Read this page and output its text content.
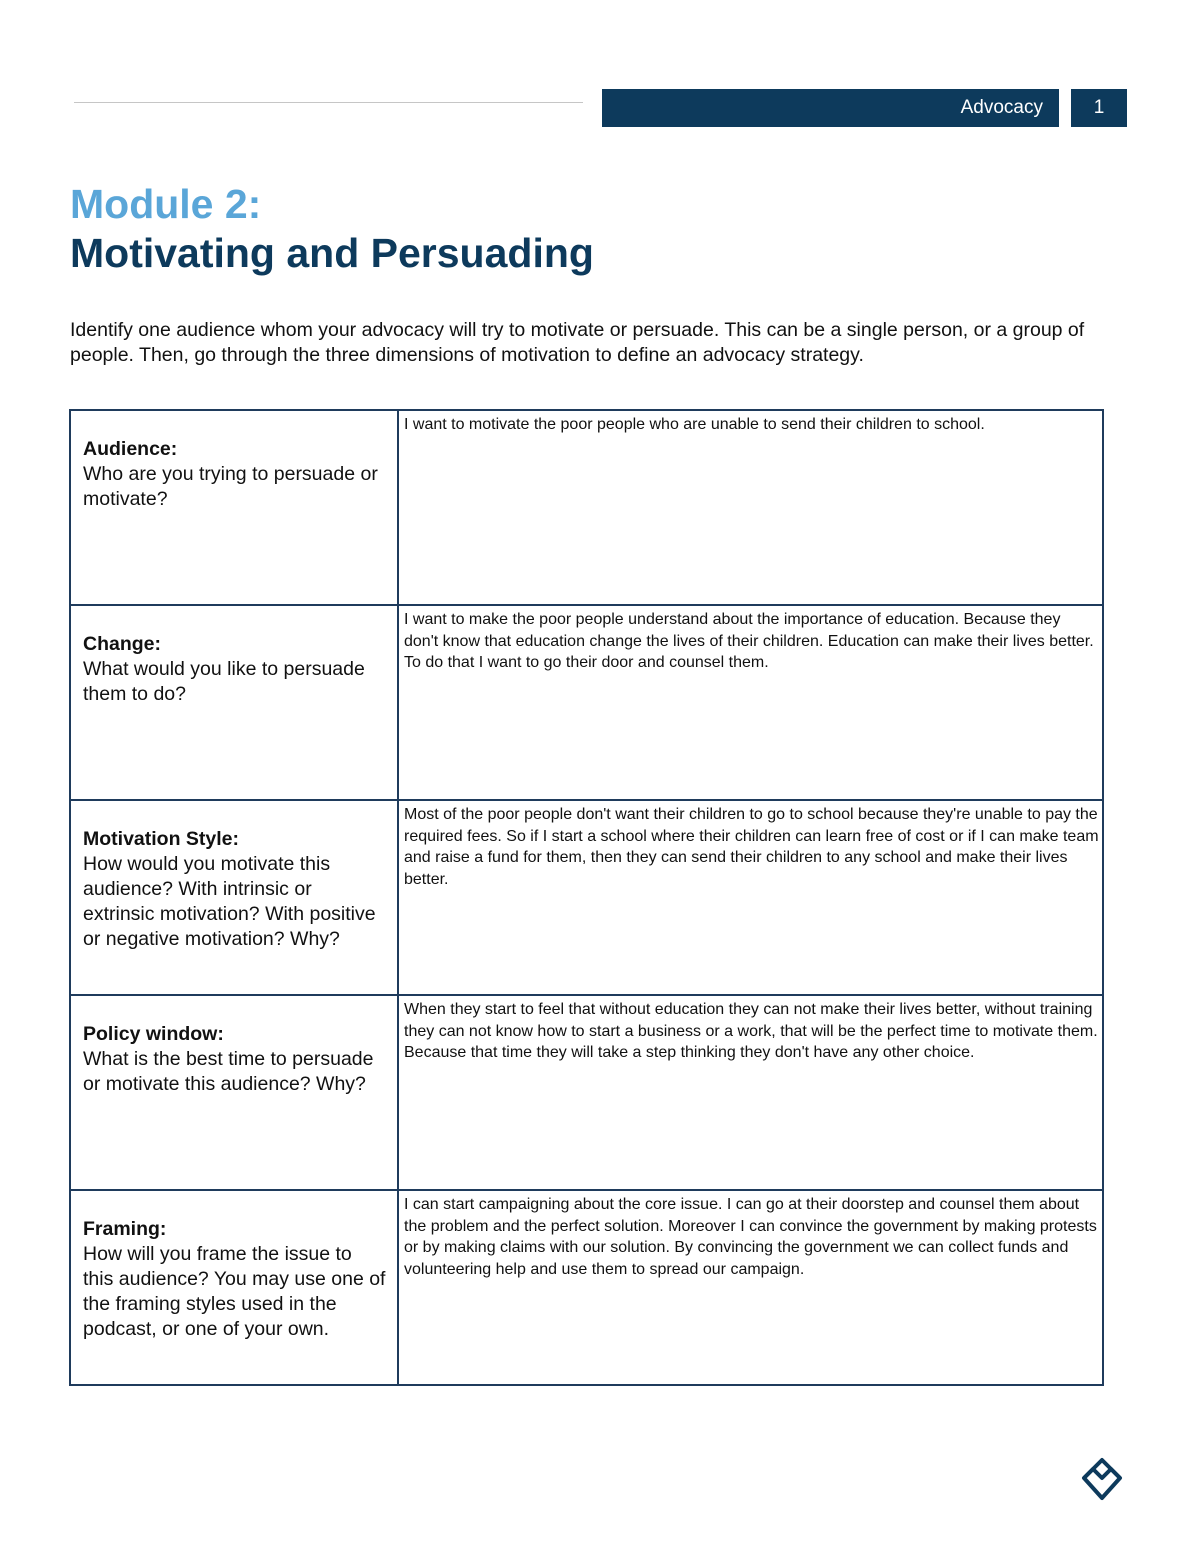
Advocacy	1
Module 2:
Motivating and Persuading
Identify one audience whom your advocacy will try to motivate or persuade. This can be a single person, or a group of people. Then, go through the three dimensions of motivation to define an advocacy strategy.
Audience:
Who are you trying to persuade or motivate?	I want to motivate the poor people who are unable to send their children to school.

Change:
What would you like to persuade them to do?	I want to make the poor people understand about the importance of education. Because they don't know that education change the lives of their children. Education can make their lives better. To do that I want to go their door and counsel them.

Motivation Style:
How would you motivate this audience? With intrinsic or extrinsic motivation? With positive or negative motivation? Why?	Most of the poor people don't want their children to go to school because they're unable to pay the required fees. So if I start a school where their children can learn free of cost or if I can make team and raise a fund for them, then they can send their children to any school and make their lives better.

Policy window:
What is the best time to persuade or motivate this audience? Why?	When they start to feel that without education they can not make their lives better, without training they can not know how to start a business or a work, that will be the perfect time to motivate them. Because that time they will take a step thinking they don't have any other choice.

Framing:
How will you frame the issue to this audience? You may use one of the framing styles used in the podcast, or one of your own.	I can start campaigning about the core issue. I can go at their doorstep and counsel them about the problem and the perfect solution. Moreover I can convince the government by making protests or by making claims with our solution. By convincing the government we can collect funds and volunteering help and use them to spread our campaign.
